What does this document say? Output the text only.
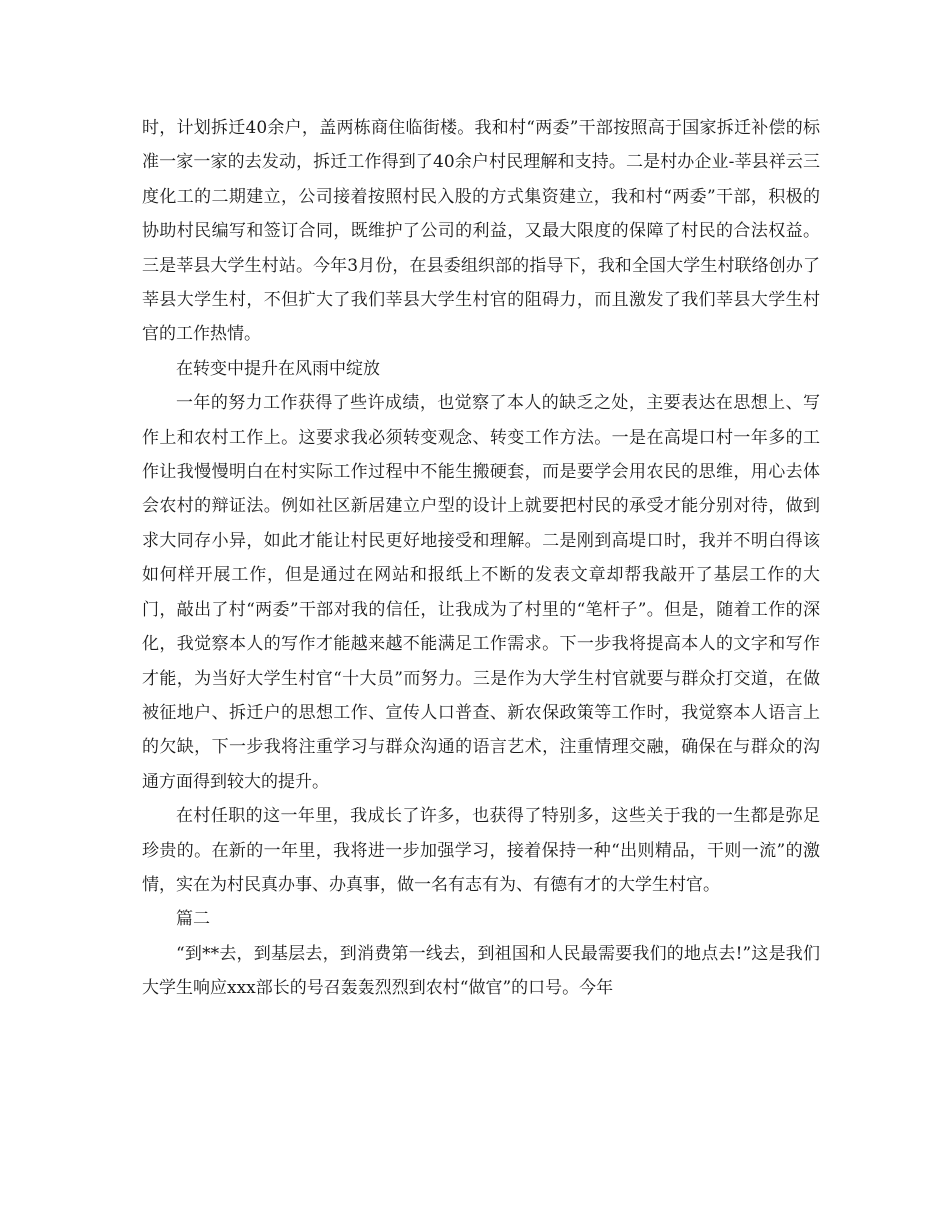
时，计划拆迁40余户，盖两栋商住临街楼。我和村“两委”干部按照高于国家拆迁补偿的标准一家一家的去发动，拆迁工作得到了40余户村民理解和支持。二是村办企业-莘县祥云三度化工的二期建立，公司接着按照村民入股的方式集资建立，我和村“两委”干部，积极的协助村民编写和签订合同，既维护了公司的利益，又最大限度的保障了村民的合法权益。三是莘县大学生村站。今年3月份，在县委组织部的指导下，我和全国大学生村联络创办了莘县大学生村，不但扩大了我们莘县大学生村官的阻碍力，而且激发了我们莘县大学生村官的工作热情。

在转变中提升在风雨中绽放

一年的努力工作获得了些许成绩，也觉察了本人的缺乏之处，主要表达在思想上、写作上和农村工作上。这要求我必须转变观念、转变工作方法。一是在高堤口村一年多的工作让我慢慢明白在村实际工作过程中不能生搬硬套，而是要学会用农民的思维，用心去体会农村的辩证法。例如社区新居建立户型的设计上就要把村民的承受才能分别对待，做到求大同存小异，如此才能让村民更好地接受和理解。二是刚到高堤口时，我并不明白得该如何样开展工作，但是通过在网站和报纸上不断的发表文章却帮我敲开了基层工作的大门，敲出了村“两委”干部对我的信任，让我成为了村里的“笔杆子”。但是，随着工作的深化，我觉察本人的写作才能越来越不能满足工作需求。下一步我将提高本人的文字和写作才能，为当好大学生村官“十大员”而努力。三是作为大学生村官就要与群众打交道，在做被征地户、拆迁户的思想工作、宣传人口普查、新农保政策等工作时，我觉察本人语言上的欠缺，下一步我将注重学习与群众沟通的语言艺术，注重情理交融，确保在与群众的沟通方面得到较大的提升。

在村任职的这一年里，我成长了许多，也获得了特别多，这些关于我的一生都是弥足珍贵的。在新的一年里，我将进一步加强学习，接着保持一种“出则精品，干则一流”的激情，实在为村民真办事、办真事，做一名有志有为、有德有才的大学生村官。

篇二

“到**去，到基层去，到消费第一线去，到祖国和人民最需要我们的地点去!”这是我们大学生响应xxx部长的号召轰轰烈烈到农村“做官”的口号。今年
